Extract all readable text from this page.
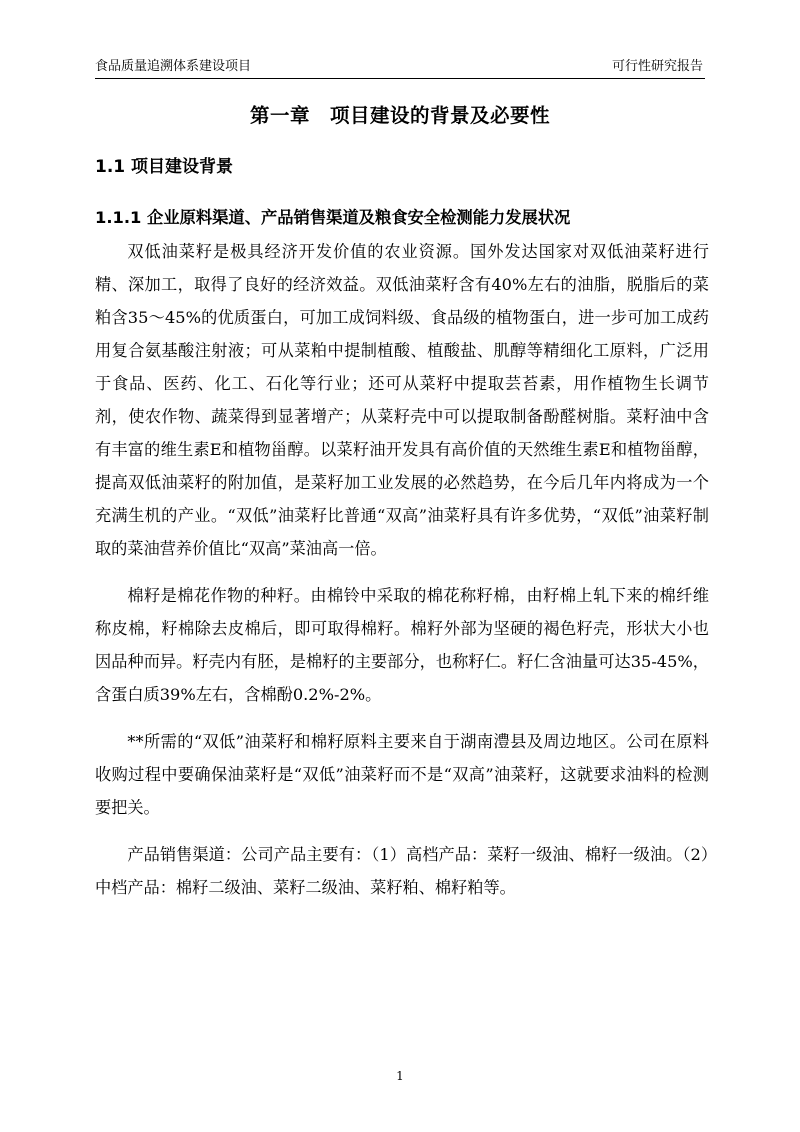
食品质量追溯体系建设项目	可行性研究报告
第一章 项目建设的背景及必要性
1.1 项目建设背景
1.1.1 企业原料渠道、产品销售渠道及粮食安全检测能力发展状况

双低油菜籽是极具经济开发价值的农业资源。国外发达国家对双低油菜籽进行精、深加工，取得了良好的经济效益。双低油菜籽含有40%左右的油脂，脱脂后的菜粕含35～45%的优质蛋白，可加工成饲料级、食品级的植物蛋白，进一步可加工成药用复合氨基酸注射液；可从菜粕中提制植酸、植酸盐、肌醇等精细化工原料，广泛用于食品、医药、化工、石化等行业；还可从菜籽中提取芸苔素，用作植物生长调节剂，使农作物、蔬菜得到显著增产；从菜籽壳中可以提取制备酚醛树脂。菜籽油中含有丰富的维生素E和植物甾醇。以菜籽油开发具有高价值的天然维生素E和植物甾醇，提高双低油菜籽的附加值，是菜籽加工业发展的必然趋势，在今后几年内将成为一个充满生机的产业。“双低”油菜籽比普通“双高”油菜籽具有许多优势，“双低”油菜籽制取的菜油营养价值比“双高”菜油高一倍。

棉籽是棉花作物的种籽。由棉铃中采取的棉花称籽棉，由籽棉上轧下来的棉纤维称皮棉，籽棉除去皮棉后，即可取得棉籽。棉籽外部为坚硬的褐色籽壳，形状大小也因品种而异。籽壳内有胚，是棉籽的主要部分，也称籽仁。籽仁含油量可达35-45%，含蛋白质39%左右，含棉酚0.2%-2%。

**所需的“双低”油菜籽和棉籽原料主要来自于湖南澧县及周边地区。公司在原料收购过程中要确保油菜籽是“双低”油菜籽而不是“双高”油菜籽，这就要求油料的检测要把关。

产品销售渠道：公司产品主要有：（1）高档产品：菜籽一级油、棉籽一级油。（2）中档产品：棉籽二级油、菜籽二级油、菜籽粕、棉籽粕等。

1
